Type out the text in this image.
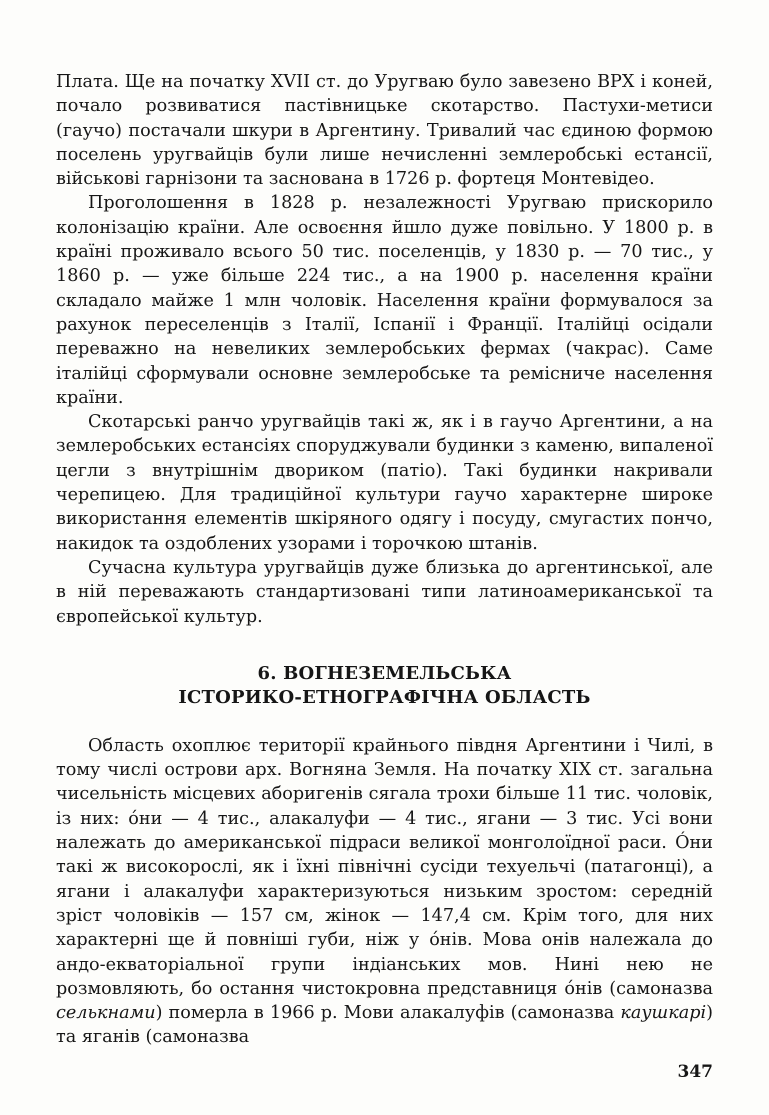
Плата. Ще на початку XVII ст. до Уругваю було завезено ВРХ і коней, почало розвиватися пастівницьке скотарство. Пастухи-метиси (гаучо) постачали шкури в Аргентину. Тривалий час єдиною формою поселень уругвайців були лише нечисленні землеробські естансії, військові гарнізони та заснована в 1726 р. фортеця Монтевідео.

Проголошення в 1828 р. незалежності Уругваю прискорило колонізацію країни. Але освоєння йшло дуже повільно. У 1800 р. в країні проживало всього 50 тис. поселенців, у 1830 р. — 70 тис., у 1860 р. — уже більше 224 тис., а на 1900 р. населення країни складало майже 1 млн чоловік. Населення країни формувалося за рахунок переселенців з Італії, Іспанії і Франції. Італійці осідали переважно на невеликих землеробських фермах (чакрас). Саме італійці сформували основне землеробське та ремісниче населення країни.

Скотарські ранчо уругвайців такі ж, як і в гаучо Аргентини, а на землеробських естансіях споруджували будинки з каменю, випаленої цегли з внутрішнім двориком (патіо). Такі будинки накривали черепицею. Для традиційної культури гаучо характерне широке використання елементів шкіряного одягу і посуду, смугастих пончо, накидок та оздоблених узорами і торочкою штанів.

Сучасна культура уругвайців дуже близька до аргентинської, але в ній переважають стандартизовані типи латиноамериканської та європейської культур.

6. ВОГНЕЗЕМЕЛЬСЬКА
ІСТОРИКО-ЕТНОГРАФІЧНА ОБЛАСТЬ

Область охоплює території крайнього півдня Аргентини і Чилі, в тому числі острови арх. Вогняна Земля. На початку XIX ст. загальна чисельність місцевих аборигенів сягала трохи більше 11 тис. чоловік, із них: óни — 4 тис., алакалуфи — 4 тис., ягани — 3 тис. Усі вони належать до американської підраси великої монголоїдної раси. Óни такі ж високорослі, як і їхні північні сусіди техуельчі (патагонці), а ягани і алакалуфи характеризуються низьким зростом: середній зріст чоловіків — 157 см, жінок — 147,4 см. Крім того, для них характерні ще й повніші губи, ніж у óнів. Мова онів належала до андо-екваторіальної групи індіанських мов. Нині нею не розмовляють, бо остання чистокровна представниця óнів (самоназва селькнами) померла в 1966 р. Мови алакалуфів (самоназва каушкарі) та яганів (самоназва

347
